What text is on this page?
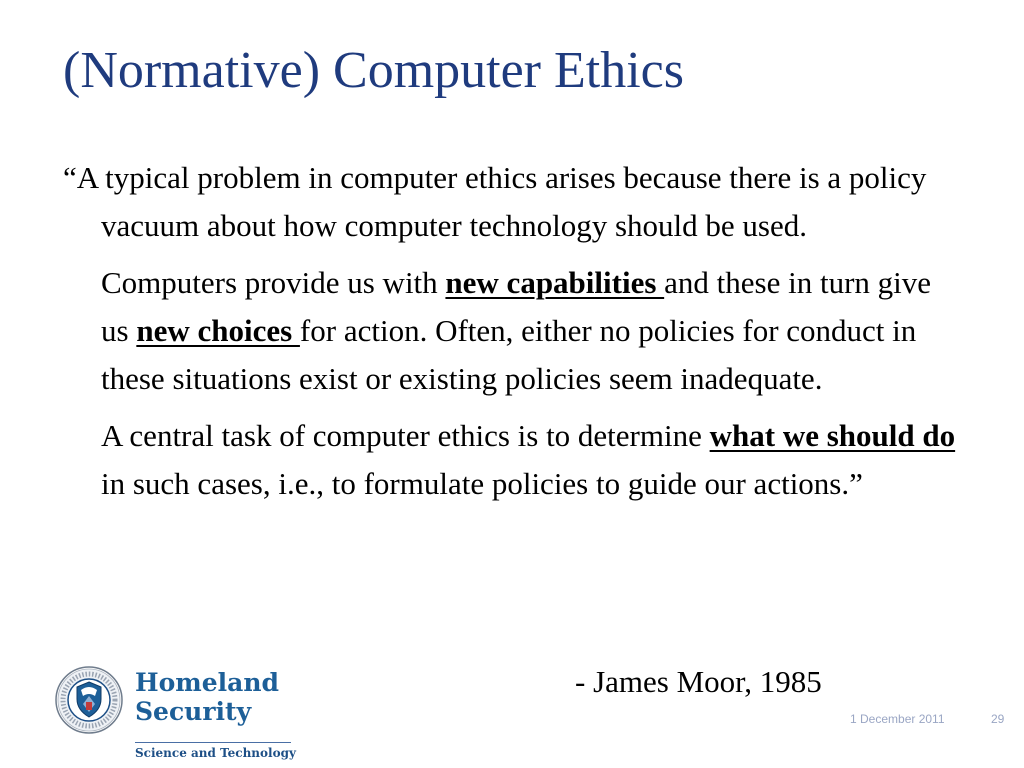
(Normative) Computer Ethics

“A typical problem in computer ethics arises because there is a policy vacuum about how computer technology should be used.

Computers provide us with new capabilities and these in turn give us new choices for action. Often, either no policies for conduct in these situations exist or existing policies seem inadequate.

A central task of computer ethics is to determine what we should do in such cases, i.e., to formulate policies to guide our actions.”

- James Moor, 1985
Homeland
Security
Science and Technology
1 December 2011	29
